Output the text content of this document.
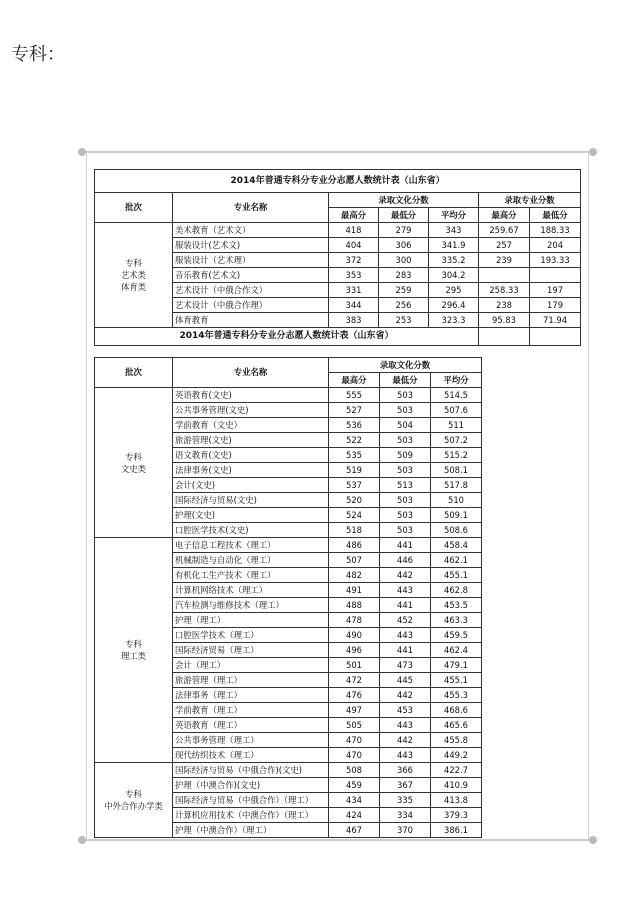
专科：
2014年普通专科分专业分志愿人数统计表（山东省）						
批次	专业名称	录取文化分数			录取专业分数	
		最高分	最低分	平均分	最高分	最低分

专科
艺术类
体育类	美术教育（艺术文）	418	279	343	259.67	188.33
	服装设计(艺术文)	404	306	341.9	257	204
	服装设计（艺术理）	372	300	335.2	239	193.33
	音乐教育(艺术文)	353	283	304.2		
	艺术设计（中俄合作文）	331	259	295	258.33	197
	艺术设计（中俄合作理）	344	256	296.4	238	179
	体育教育	383	253	323.3	95.83	71.94
2014年普通专科分专业分志愿人数统计表（山东省）						
批次	专业名称	录取文化分数		
		最高分	最低分	平均分

专科
文史类	英语教育(文史)	555	503	514.5
	公共事务管理(文史)	527	503	507.6
	学前教育（文史）	536	504	511
	旅游管理(文史)	522	503	507.2
	语文教育(文史)	535	509	515.2
	法律事务(文史)	519	503	508.1
	会计(文史)	537	513	517.8
	国际经济与贸易(文史)	520	503	510
	护理(文史)	524	503	509.1
	口腔医学技术(文史)	518	503	508.6

专科
理工类	电子信息工程技术（理工）	486	441	458.4
	机械制造与自动化（理工）	507	446	462.1
	有机化工生产技术（理工）	482	442	455.1
	计算机网络技术（理工）	491	443	462.8
	汽车检测与维修技术（理工）	488	441	453.5
	护理（理工）	478	452	463.3
	口腔医学技术（理工）	490	443	459.5
	国际经济贸易（理工）	496	441	462.4
	会计（理工）	501	473	479.1
	旅游管理（理工）	472	445	455.1
	法律事务（理工）	476	442	455.3
	学前教育（理工）	497	453	468.6
	英语教育（理工）	505	443	465.6
	公共事务管理（理工）	470	442	455.8
	现代纺织技术（理工）	470	443	449.2

专科
中外合作办学类	国际经济与贸易（中俄合作)(文史)	508	366	422.7
	护理（中澳合作)(文史)	459	367	410.9
	国际经济与贸易（中俄合作）（理工）	434	335	413.8
	计算机应用技术（中澳合作）（理工）	424	334	379.3
	护理（中澳合作）（理工）	467	370	386.1
